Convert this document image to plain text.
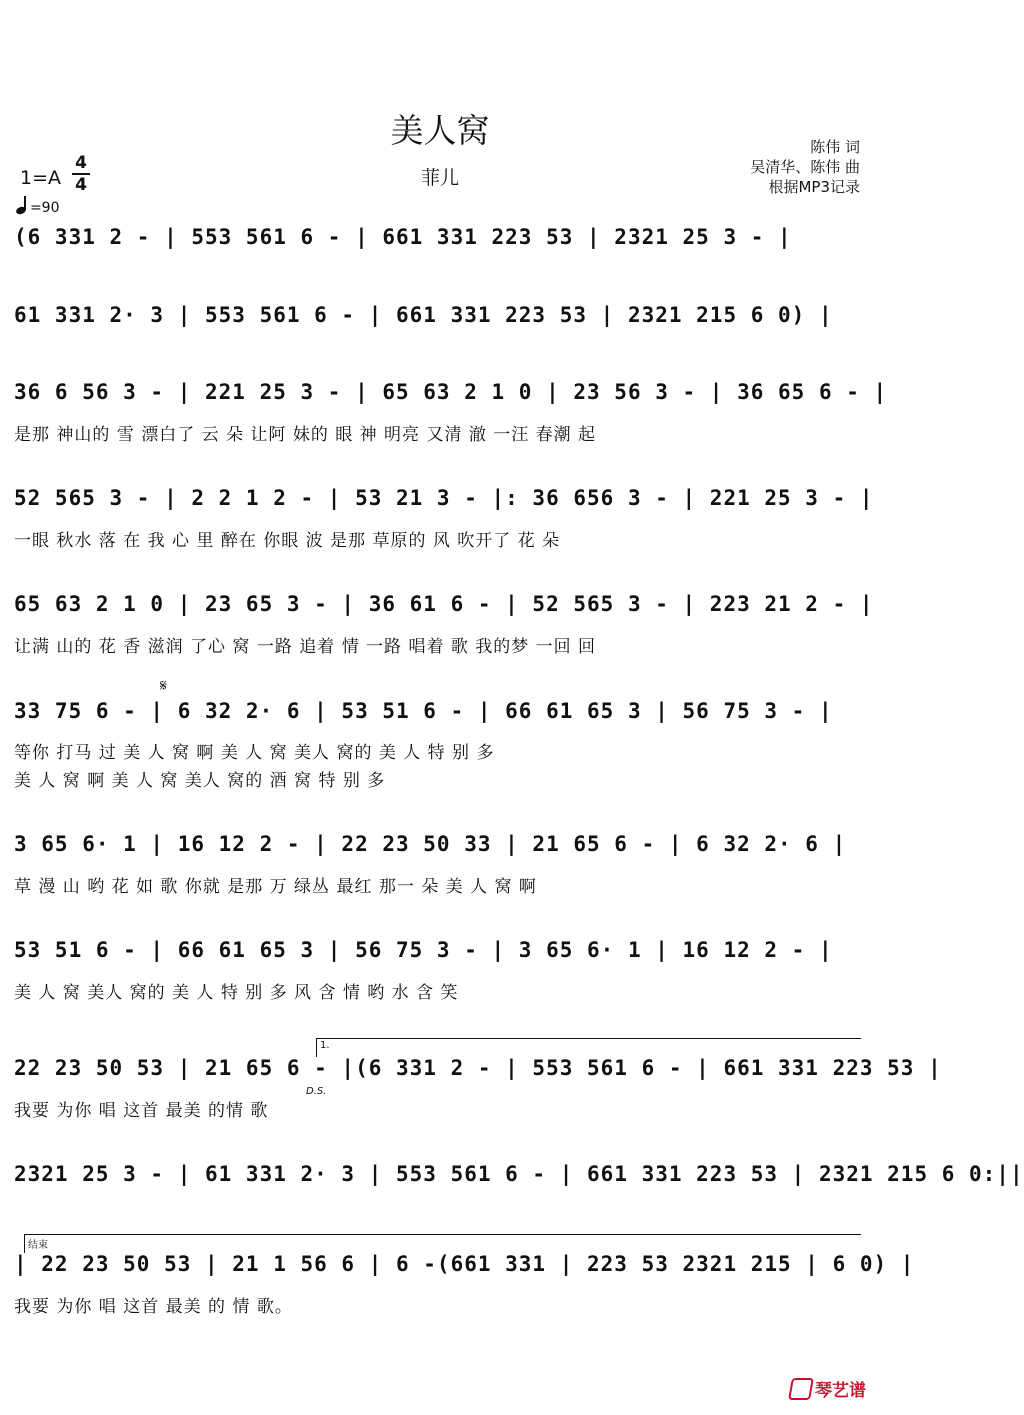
美人窝
菲儿
陈伟 词
吴清华、陈伟 曲
根据MP3记录
1=A
4
4
=90
(6 331 2 - | 553 561 6 - | 661 331 223 53 | 2321 25 3 - |
61 331 2· 3 | 553 561 6 - | 661 331 223 53 | 2321 215 6 0) |
36 6 56 3 - | 221 25 3 - | 65 63 2 1 0 | 23 56 3 - | 36 65 6 - |
是那 神山的 雪 漂白了 云 朵 让阿 妹的 眼 神 明亮 又清 澈 一汪 春潮 起
52 565 3 - | 2 2 1 2 - | 53 21 3 - |: 36 656 3 - | 221 25 3 - |
一眼 秋水 落 在 我 心 里 醉在 你眼 波 是那 草原的 风 吹开了 花 朵
65 63 2 1 0 | 23 65 3 - | 36 61 6 - | 52 565 3 - | 223 21 2 - |
让满 山的 花 香 滋润 了心 窝 一路 追着 情 一路 唱着 歌 我的梦 一回 回
𝄋
33 75 6 - | 6 32 2· 6 | 53 51 6 - | 66 61 65 3 | 56 75 3 - |
等你 打马 过 美 人 窝 啊 美 人 窝 美人 窝的 美 人 特 别 多
美 人 窝 啊 美 人 窝 美人 窝的 酒 窝 特 别 多
3 65 6· 1 | 16 12 2 - | 22 23 50 33 | 21 65 6 - | 6 32 2· 6 |
草 漫 山 哟 花 如 歌 你就 是那 万 绿丛 最红 那一 朵 美 人 窝 啊
53 51 6 - | 66 61 65 3 | 56 75 3 - | 3 65 6· 1 | 16 12 2 - |
美 人 窝 美人 窝的 美 人 特 别 多 风 含 情 哟 水 含 笑
1.
22 23 50 53 | 21 65 6 - |(6 331 2 - | 553 561 6 - | 661 331 223 53 |
D.S.
我要 为你 唱 这首 最美 的情 歌
2321 25 3 - | 61 331 2· 3 | 553 561 6 - | 661 331 223 53 | 2321 215 6 0:||
结束
| 22 23 50 53 | 21 1 56 6 | 6 -(661 331 | 223 53 2321 215 | 6 0) |
我要 为你 唱 这首 最美 的 情 歌。
琴艺谱
